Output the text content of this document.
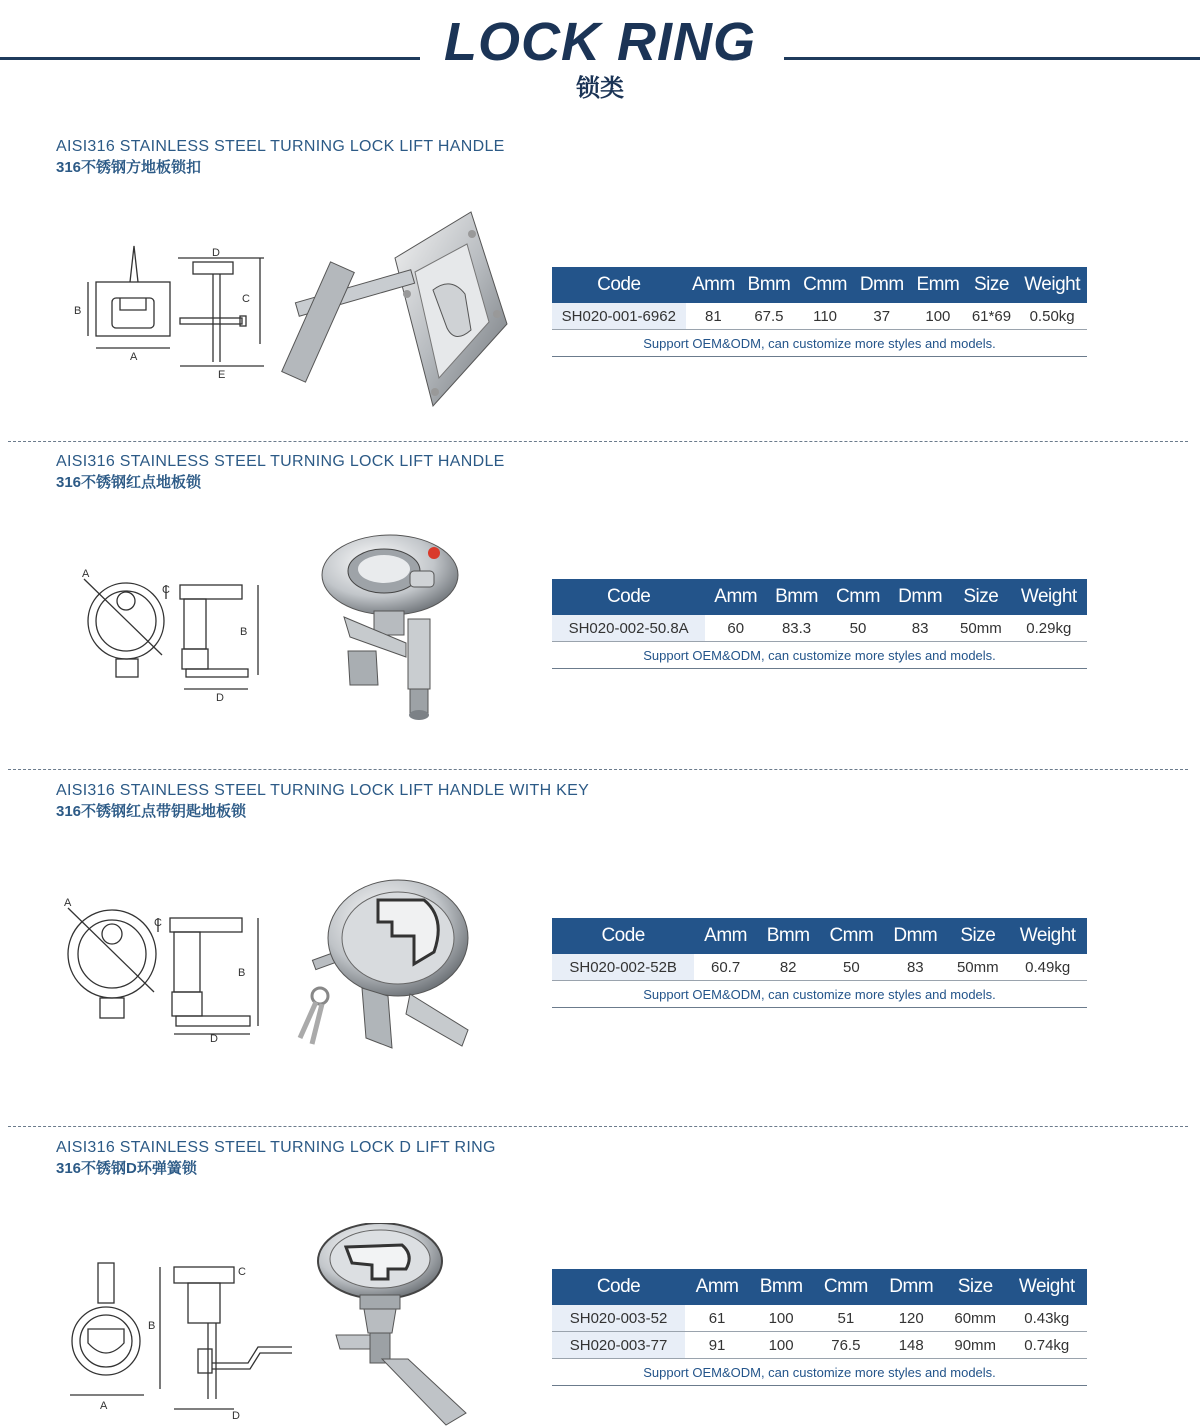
LOCK RING
锁类
AISI316 STAINLESS STEEL TURNING LOCK LIFT HANDLE
316不锈钢方地板锁扣
B
A
D
C
E
Code	Amm	Bmm	Cmm	Dmm	Emm	Size	Weight
SH020-001-6962	81	67.5	110	37	100	61*69	0.50kg
Support OEM&ODM, can customize more styles and models.							
AISI316 STAINLESS STEEL TURNING LOCK LIFT HANDLE
316不锈钢红点地板锁
A
C
B
D
Code	Amm	Bmm	Cmm	Dmm	Size	Weight
SH020-002-50.8A	60	83.3	50	83	50mm	0.29kg
Support OEM&ODM, can customize more styles and models.						
AISI316 STAINLESS STEEL TURNING LOCK LIFT HANDLE WITH KEY
316不锈钢红点带钥匙地板锁
A
C
B
D
Code	Amm	Bmm	Cmm	Dmm	Size	Weight
SH020-002-52B	60.7	82	50	83	50mm	0.49kg
Support OEM&ODM, can customize more styles and models.						
AISI316 STAINLESS STEEL TURNING LOCK D LIFT RING
316不锈钢D环弹簧锁
A
B
C
D
Code	Amm	Bmm	Cmm	Dmm	Size	Weight
SH020-003-52	61	100	51	120	60mm	0.43kg
SH020-003-77	91	100	76.5	148	90mm	0.74kg
Support OEM&ODM, can customize more styles and models.						
